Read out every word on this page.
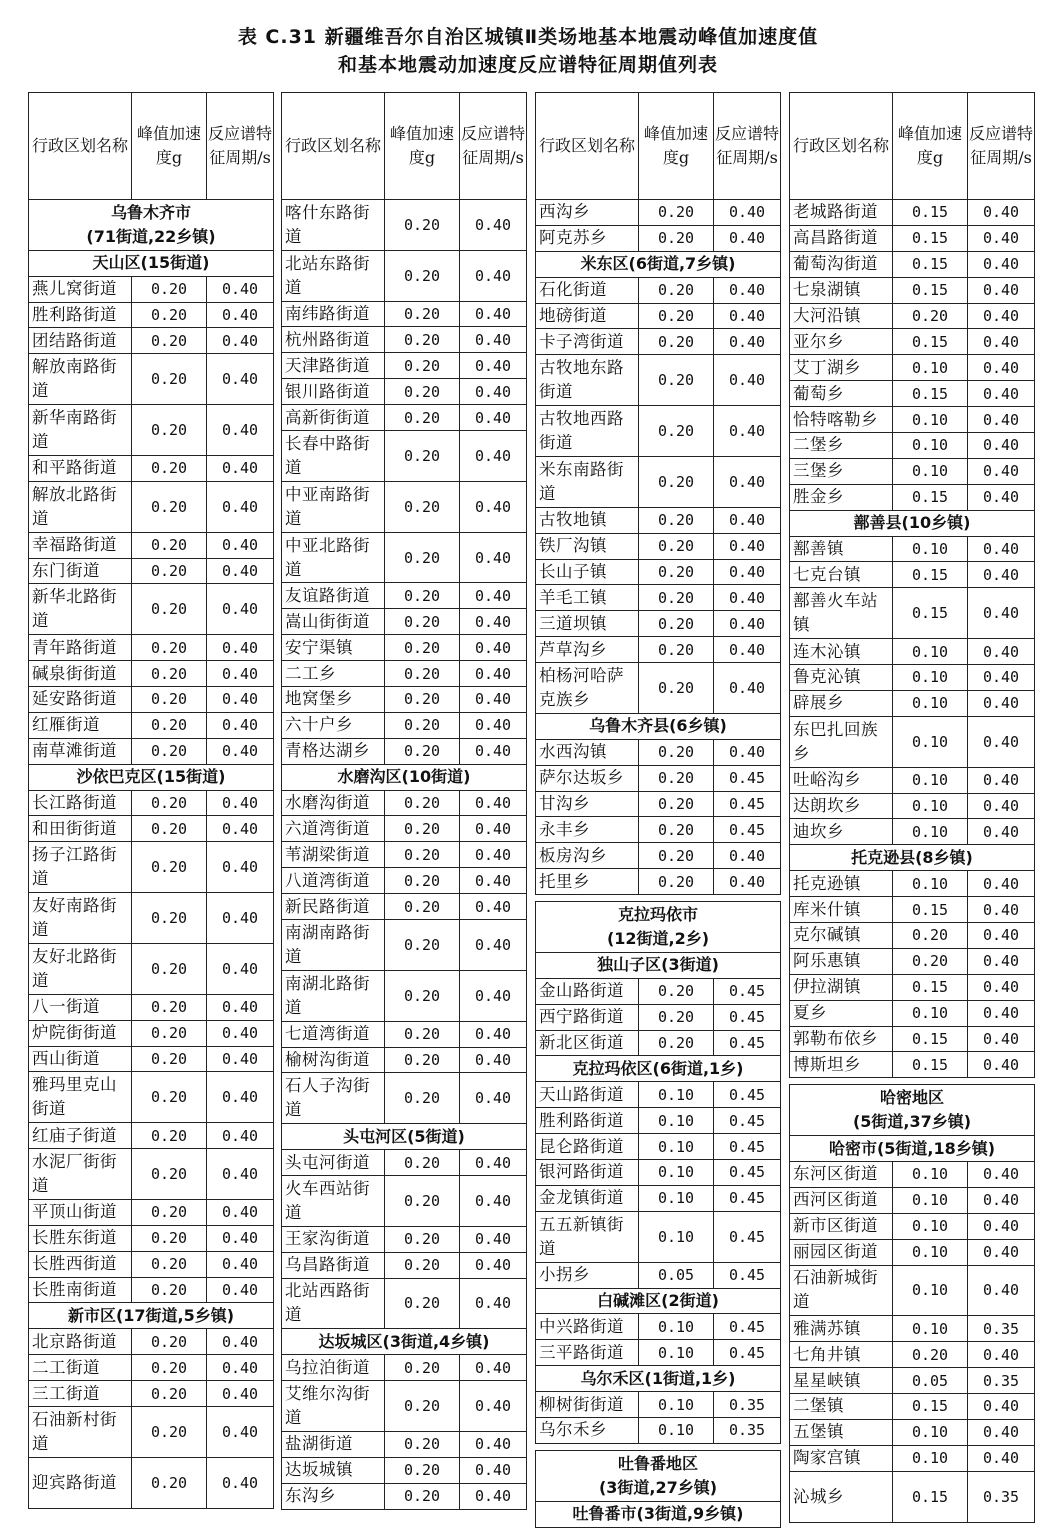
表 C.31 新疆维吾尔自治区城镇Ⅱ类场地基本地震动峰值加速度值
和基本地震动加速度反应谱特征周期值列表
行政区划名称	峰值加速度g	反应谱特征周期/s
乌鲁木齐市
(71街道,22乡镇)		
天山区(15街道)		
燕儿窝街道	0.20	0.40
胜利路街道	0.20	0.40
团结路街道	0.20	0.40
解放南路街道	0.20	0.40
新华南路街道	0.20	0.40
和平路街道	0.20	0.40
解放北路街道	0.20	0.40
幸福路街道	0.20	0.40
东门街道	0.20	0.40
新华北路街道	0.20	0.40
青年路街道	0.20	0.40
碱泉街街道	0.20	0.40
延安路街道	0.20	0.40
红雁街道	0.20	0.40
南草滩街道	0.20	0.40
沙依巴克区(15街道)		
长江路街道	0.20	0.40
和田街街道	0.20	0.40
扬子江路街道	0.20	0.40
友好南路街道	0.20	0.40
友好北路街道	0.20	0.40
八一街道	0.20	0.40
炉院街街道	0.20	0.40
西山街道	0.20	0.40
雅玛里克山街道	0.20	0.40
红庙子街道	0.20	0.40
水泥厂街街道	0.20	0.40
平顶山街道	0.20	0.40
长胜东街道	0.20	0.40
长胜西街道	0.20	0.40
长胜南街道	0.20	0.40
新市区(17街道,5乡镇)		
北京路街道	0.20	0.40
二工街道	0.20	0.40
三工街道	0.20	0.40
石油新村街道	0.20	0.40
迎宾路街道	0.20	0.40
行政区划名称	峰值加速度g	反应谱特征周期/s
喀什东路街道	0.20	0.40
北站东路街道	0.20	0.40
南纬路街道	0.20	0.40
杭州路街道	0.20	0.40
天津路街道	0.20	0.40
银川路街道	0.20	0.40
高新街街道	0.20	0.40
长春中路街道	0.20	0.40
中亚南路街道	0.20	0.40
中亚北路街道	0.20	0.40
友谊路街道	0.20	0.40
嵩山街街道	0.20	0.40
安宁渠镇	0.20	0.40
二工乡	0.20	0.40
地窝堡乡	0.20	0.40
六十户乡	0.20	0.40
青格达湖乡	0.20	0.40
水磨沟区(10街道)		
水磨沟街道	0.20	0.40
六道湾街道	0.20	0.40
苇湖梁街道	0.20	0.40
八道湾街道	0.20	0.40
新民路街道	0.20	0.40
南湖南路街道	0.20	0.40
南湖北路街道	0.20	0.40
七道湾街道	0.20	0.40
榆树沟街道	0.20	0.40
石人子沟街道	0.20	0.40
头屯河区(5街道)		
头屯河街道	0.20	0.40
火车西站街道	0.20	0.40
王家沟街道	0.20	0.40
乌昌路街道	0.20	0.40
北站西路街道	0.20	0.40
达坂城区(3街道,4乡镇)		
乌拉泊街道	0.20	0.40
艾维尔沟街道	0.20	0.40
盐湖街道	0.20	0.40
达坂城镇	0.20	0.40
东沟乡	0.20	0.40
行政区划名称	峰值加速度g	反应谱特征周期/s
西沟乡	0.20	0.40
阿克苏乡	0.20	0.40
米东区(6街道,7乡镇)		
石化街道	0.20	0.40
地磅街道	0.20	0.40
卡子湾街道	0.20	0.40
古牧地东路街道	0.20	0.40
古牧地西路街道	0.20	0.40
米东南路街道	0.20	0.40
古牧地镇	0.20	0.40
铁厂沟镇	0.20	0.40
长山子镇	0.20	0.40
羊毛工镇	0.20	0.40
三道坝镇	0.20	0.40
芦草沟乡	0.20	0.40
柏杨河哈萨克族乡	0.20	0.40
乌鲁木齐县(6乡镇)		
水西沟镇	0.20	0.40
萨尔达坂乡	0.20	0.45
甘沟乡	0.20	0.45
永丰乡	0.20	0.45
板房沟乡	0.20	0.40
托里乡	0.20	0.40
克拉玛依市
(12街道,2乡)		
独山子区(3街道)		
金山路街道	0.20	0.45
西宁路街道	0.20	0.45
新北区街道	0.20	0.45
克拉玛依区(6街道,1乡)		
天山路街道	0.10	0.45
胜利路街道	0.10	0.45
昆仑路街道	0.10	0.45
银河路街道	0.10	0.45
金龙镇街道	0.10	0.45
五五新镇街道	0.10	0.45
小拐乡	0.05	0.45
白碱滩区(2街道)		
中兴路街道	0.10	0.45
三平路街道	0.10	0.45
乌尔禾区(1街道,1乡)		
柳树街街道	0.10	0.35
乌尔禾乡	0.10	0.35
吐鲁番地区
(3街道,27乡镇)
吐鲁番市(3街道,9乡镇)
行政区划名称	峰值加速度g	反应谱特征周期/s
老城路街道	0.15	0.40
高昌路街道	0.15	0.40
葡萄沟街道	0.15	0.40
七泉湖镇	0.15	0.40
大河沿镇	0.20	0.40
亚尔乡	0.15	0.40
艾丁湖乡	0.10	0.40
葡萄乡	0.15	0.40
恰特喀勒乡	0.10	0.40
二堡乡	0.10	0.40
三堡乡	0.10	0.40
胜金乡	0.15	0.40
鄯善县(10乡镇)		
鄯善镇	0.10	0.40
七克台镇	0.15	0.40
鄯善火车站镇	0.15	0.40
连木沁镇	0.10	0.40
鲁克沁镇	0.10	0.40
辟展乡	0.10	0.40
东巴扎回族乡	0.10	0.40
吐峪沟乡	0.10	0.40
达朗坎乡	0.10	0.40
迪坎乡	0.10	0.40
托克逊县(8乡镇)		
托克逊镇	0.10	0.40
库米什镇	0.15	0.40
克尔碱镇	0.20	0.40
阿乐惠镇	0.20	0.40
伊拉湖镇	0.15	0.40
夏乡	0.10	0.40
郭勒布依乡	0.15	0.40
博斯坦乡	0.15	0.40
哈密地区
(5街道,37乡镇)		
哈密市(5街道,18乡镇)		
东河区街道	0.10	0.40
西河区街道	0.10	0.40
新市区街道	0.10	0.40
丽园区街道	0.10	0.40
石油新城街道	0.10	0.40
雅满苏镇	0.10	0.35
七角井镇	0.20	0.40
星星峡镇	0.05	0.35
二堡镇	0.15	0.40
五堡镇	0.10	0.40
陶家宫镇	0.10	0.40
沁城乡	0.15	0.35
